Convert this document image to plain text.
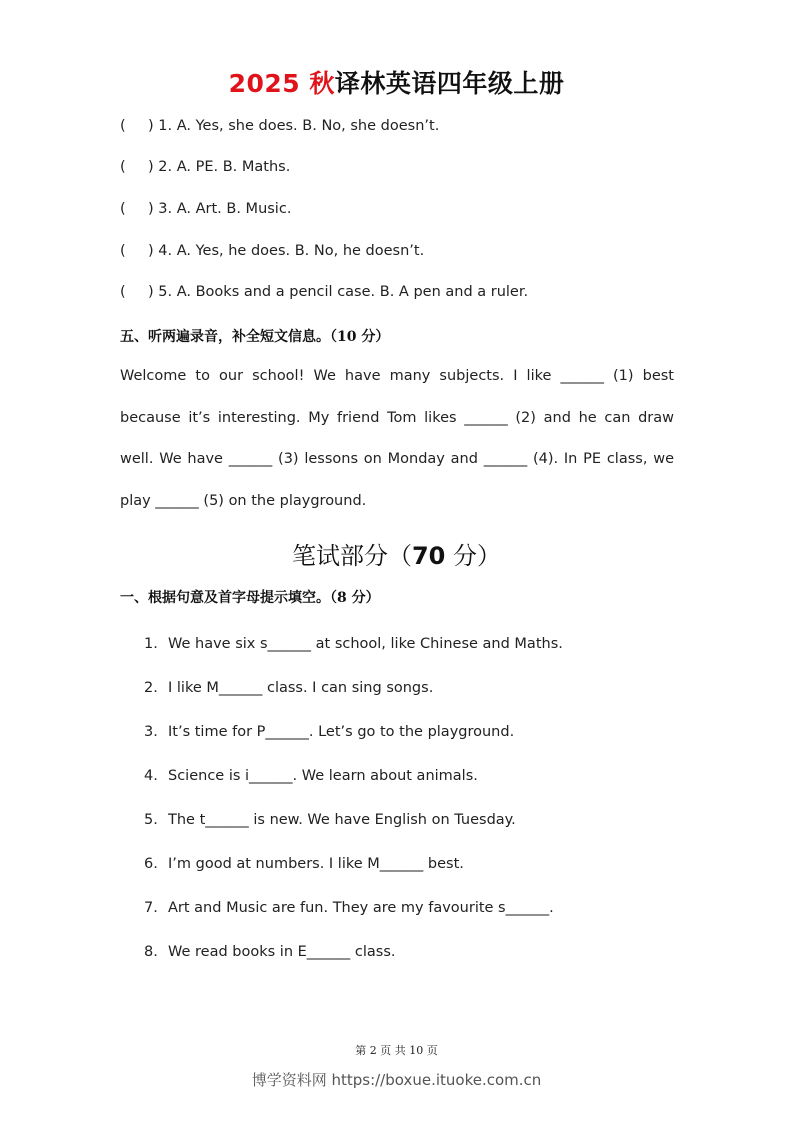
2025 秋译林英语四年级上册
( ) 1. A. Yes, she does. B. No, she doesn’t.
( ) 2. A. PE. B. Maths.
( ) 3. A. Art. B. Music.
( ) 4. A. Yes, he does. B. No, he doesn’t.
( ) 5. A. Books and a pencil case. B. A pen and a ruler.
五、听两遍录音，补全短文信息。（10 分）
Welcome to our school! We have many subjects. I like ______ (1) best because it’s interesting. My friend Tom likes ______ (2) and he can draw well. We have ______ (3) lessons on Monday and ______ (4). In PE class, we play ______ (5) on the playground.
笔试部分（70 分）
一、根据句意及首字母提示填空。（8 分）
1. We have six s______ at school, like Chinese and Maths.
2. I like M______ class. I can sing songs.
3. It’s time for P______. Let’s go to the playground.
4. Science is i______. We learn about animals.
5. The t______ is new. We have English on Tuesday.
6. I’m good at numbers. I like M______ best.
7. Art and Music are fun. They are my favourite s______.
8. We read books in E______ class.
第 2 页 共 10 页
博学资料网 https://boxue.ituoke.com.cn
